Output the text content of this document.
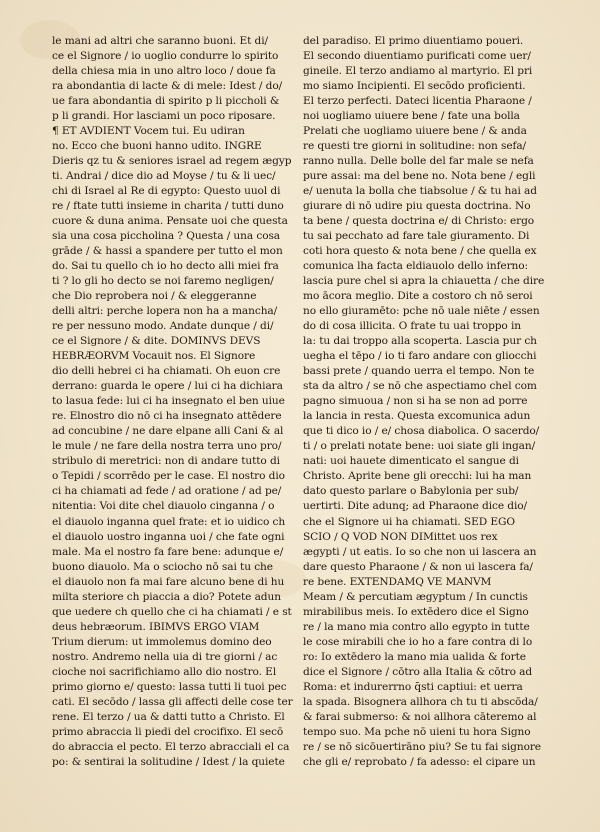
le mani ad altri che saranno buoni. Et di/
ce el Signore / io uoglio condurre lo spirito
della chiesa mia in uno altro loco / doue fa
ra abondantia di lacte & di mele: Idest / do/
ue fara abondantia di spirito p li piccholi &
p li grandi. Hor lasciami un poco riposare.
¶ ET AVDIENT Vocem tui. Eu udiran
no. Ecco che buoni hanno udito. INGRE
Dieris qz tu & seniores israel ad regem ægyp
ti. Andrai / dice dio ad Moyse / tu & li uec/
chi di Israel al Re di egypto: Questo uuol di
re / ftate tutti insieme in charita / tutti duno
cuore & duna anima. Pensate uoi che questa
sia una cosa piccholina ? Questa / una cosa
grāde / & hassi a spandere per tutto el mon
do. Sai tu quello ch io ho decto alli miei fra
ti ? lo gli ho decto se noi faremo negligen/
che Dio reprobera noi / & eleggeranne
delli altri: perche lopera non ha a mancha/
re per nessuno modo. Andate dunque / di/
ce el Signore / & dite. DOMINVS DEVS
HEBRÆORVM Vocauit nos. El Signore
dio delli hebrei ci ha chiamati. Oh euon cre
derrano: guarda le opere / lui ci ha dichiara
to lasua fede: lui ci ha insegnato el ben uiue
re. Elnostro dio nō ci ha insegnato attēdere
ad concubine / ne dare elpane alli Cani & al
le mule / ne fare della nostra terra uno pro/
stribulo di meretrici: non di andare tutto di
o Tepidi / scorrēdo per le case. El nostro dio
ci ha chiamati ad fede / ad oratione / ad pe/
nitentia: Voi dite chel diauolo cinganna / o
el diauolo inganna quel frate: et io uidico ch
el diauolo uostro inganna uoi / che fate ogni
male. Ma el nostro fa fare bene: adunque e/
buono diauolo. Ma o sciocho nō sai tu che
el diauolo non fa mai fare alcuno bene di hu
milta steriore ch piaccia a dio? Potete adun
que uedere ch quello che ci ha chiamati / e st
deus hebræorum. IBIMVS ERGO VIAM
Trium dierum: ut immolemus domino deo
nostro. Andremo nella uia di tre giorni / ac
cioche noi sacrifichiamo allo dio nostro. El
primo giorno e/ questo: lassa tutti li tuoi pec
cati. El secōdo / lassa gli affecti delle cose ter
rene. El terzo / ua & datti tutto a Christo. El
primo abraccia li piedi del crocifixo. El secō
do abraccia el pecto. El terzo abracciali el ca
po: & sentirai la solitudine / Idest / la quiete
del paradiso. El primo diuentiamo poueri.
El secondo diuentiamo purificati come uer/
gineile. El terzo andiamo al martyrio. El pri
mo siamo Incipienti. El secōdo proficienti.
El terzo perfecti. Dateci licentia Pharaone /
noi uogliamo uiuere bene / fate una bolla
Prelati che uogliamo uiuere bene / & anda
re questi tre giorni in solitudine: non sefa/
ranno nulla. Delle bolle del far male se nefa
pure assai: ma del bene no. Nota bene / egli
e/ uenuta la bolla che tiabsolue / & tu hai ad
giurare di nō udire piu questa doctrina. No
ta bene / questa doctrina e/ di Christo: ergo
tu sai pecchato ad fare tale giuramento. Di
coti hora questo & nota bene / che quella ex
comunica lha facta eldiauolo dello inferno:
lascia pure chel si apra la chiauetta / che dire
mo ācora meglio. Dite a costoro ch nō seroi
no ello giuramēto: pche nō uale niēte / essen
do di cosa illicita. O frate tu uai troppo in
la: tu dai troppo alla scoperta. Lascia pur ch
uegha el tēpo / io ti faro andare con gliocchi
bassi prete / quando uerra el tempo. Non te
sta da altro / se nō che aspectiamo chel com
pagno simuoua / non si ha se non ad porre
la lancia in resta. Questa excomunica adun
que ti dico io / e/ chosa diabolica. O sacerdo/
ti / o prelati notate bene: uoi siate gli ingan/
nati: uoi hauete dimenticato el sangue di
Christo. Aprite bene gli orecchi: lui ha man
dato questo parlare o Babylonia per sub/
uertirti. Dite adunq; ad Pharaone dice dio/
che el Signore ui ha chiamati. SED EGO
SCIO / Q VOD NON DIMittet uos rex
ægypti / ut eatis. Io so che non ui lascera an
dare questo Pharaone / & non ui lascera fa/
re bene. EXTENDAMQ VE MANVM
Meam / & percutiam ægyptum / In cunctis
mirabilibus meis. Io extēdero dice el Signo
re / la mano mia contro allo egypto in tutte
le cose mirabili che io ho a fare contra di lo
ro: Io extēdero la mano mia ualida & forte
dice el Signore / cōtro alla Italia & cōtro ad
Roma: et indurerrno q̄sti captiui: et uerra
la spada. Bisognera allhora ch tu ti abscōda/
& farai submerso: & noi allhora cāteremo al
tempo suo. Ma pche nō uieni tu hora Signo
re / se nō sicōuertirāno piu? Se tu fai signore
che gli e/ reprobato / fa adesso: el cipare un
